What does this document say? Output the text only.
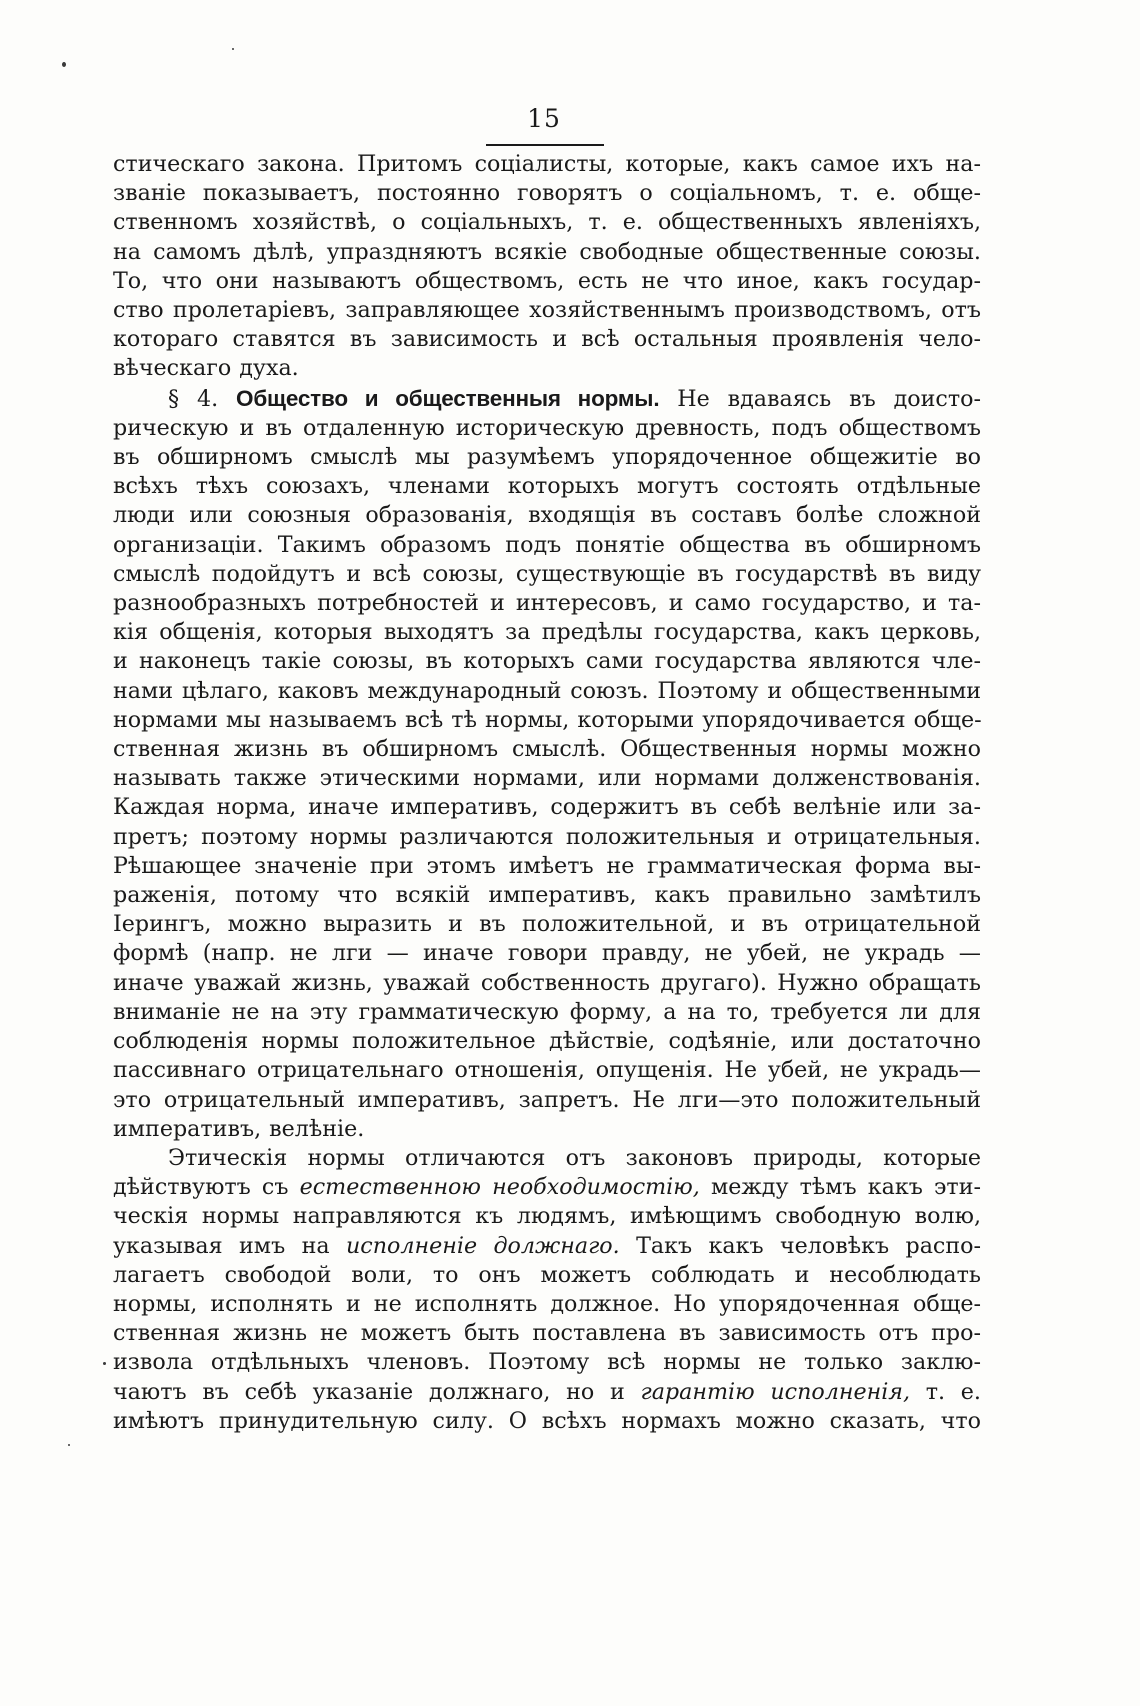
15
стическаго закона. Притомъ соціалисты, которые, какъ самое ихъ на-
званіе показываетъ, постоянно говорятъ о соціальномъ, т. е. обще-
ственномъ хозяйствѣ, о соціальныхъ, т. е. общественныхъ явленіяхъ,
на самомъ дѣлѣ, упраздняютъ всякіе свободные общественные союзы.
То, что они называютъ обществомъ, есть не что иное, какъ государ-
ство пролетаріевъ, заправляющее хозяйственнымъ производствомъ, отъ
котораго ставятся въ зависимость и всѣ остальныя проявленія чело-
вѣческаго духа.
§ 4. Общество и общественныя нормы. Не вдаваясь въ доисто-
рическую и въ отдаленную историческую древность, подъ обществомъ
въ обширномъ смыслѣ мы разумѣемъ упорядоченное общежитіе во
всѣхъ тѣхъ союзахъ, членами которыхъ могутъ состоять отдѣльные
люди или союзныя образованія, входящія въ составъ болѣе сложной
организаціи. Такимъ образомъ подъ понятіе общества въ обширномъ
смыслѣ подойдутъ и всѣ союзы, существующіе въ государствѣ въ виду
разнообразныхъ потребностей и интересовъ, и само государство, и та-
кія общенія, которыя выходятъ за предѣлы государства, какъ церковь,
и наконецъ такіе союзы, въ которыхъ сами государства являются чле-
нами цѣлаго, каковъ международный союзъ. Поэтому и общественными
нормами мы называемъ всѣ тѣ нормы, которыми упорядочивается обще-
ственная жизнь въ обширномъ смыслѣ. Общественныя нормы можно
называть также этическими нормами, или нормами долженствованія.
Каждая норма, иначе императивъ, содержитъ въ себѣ велѣніе или за-
претъ; поэтому нормы различаются положительныя и отрицательныя.
Рѣшающее значеніе при этомъ имѣетъ не грамматическая форма вы-
раженія, потому что всякій императивъ, какъ правильно замѣтилъ
Ieрингъ, можно выразить и въ положительной, и въ отрицательной
формѣ (напр. не лги — иначе говори правду, не убей, не украдь —
иначе уважай жизнь, уважай собственность другаго). Нужно обращать
вниманіе не на эту грамматическую форму, а на то, требуется ли для
соблюденія нормы положительное дѣйствіе, содѣяніе, или достаточно
пассивнаго отрицательнаго отношенія, опущенія. Не убей, не украдь—
это отрицательный императивъ, запретъ. Не лги—это положительный
императивъ, велѣніе.
Этическія нормы отличаются отъ законовъ природы, которые
дѣйствуютъ съ естественною необходимостію, между тѣмъ какъ эти-
ческія нормы направляются къ людямъ, имѣющимъ свободную волю,
указывая имъ на исполненіе должнаго. Такъ какъ человѣкъ распо-
лагаетъ свободой воли, то онъ можетъ соблюдать и несоблюдать
нормы, исполнять и не исполнять должное. Но упорядоченная обще-
ственная жизнь не можетъ быть поставлена въ зависимость отъ про-
извола отдѣльныхъ членовъ. Поэтому всѣ нормы не только заклю-
чаютъ въ себѣ указаніе должнаго, но и гарантію исполненія, т. е.
имѣютъ принудительную силу. О всѣхъ нормахъ можно сказать, что
